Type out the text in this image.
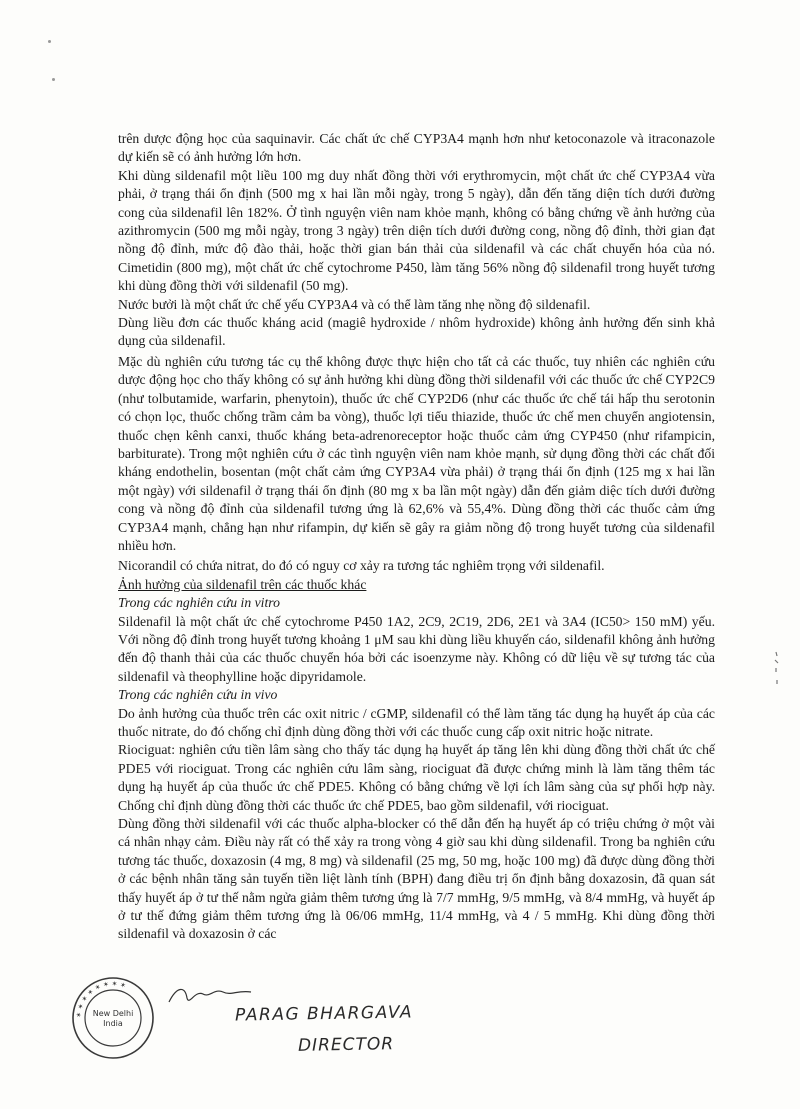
trên dược động học của saquinavir. Các chất ức chế CYP3A4 mạnh hơn như ketoconazole và itraconazole dự kiến sẽ có ảnh hưởng lớn hơn.

Khi dùng sildenafil một liều 100 mg duy nhất đồng thời với erythromycin, một chất ức chế CYP3A4 vừa phải, ở trạng thái ổn định (500 mg x hai lần mỗi ngày, trong 5 ngày), dẫn đến tăng diện tích dưới đường cong của sildenafil lên 182%. Ở tình nguyện viên nam khỏe mạnh, không có bằng chứng về ảnh hưởng của azithromycin (500 mg mỗi ngày, trong 3 ngày) trên diện tích dưới đường cong, nồng độ đỉnh, thời gian đạt nồng độ đỉnh, mức độ đào thải, hoặc thời gian bán thải của sildenafil và các chất chuyển hóa của nó. Cimetidin (800 mg), một chất ức chế cytochrome P450, làm tăng 56% nồng độ sildenafil trong huyết tương khi dùng đồng thời với sildenafil (50 mg).

Nước bưởi là một chất ức chế yếu CYP3A4 và có thể làm tăng nhẹ nồng độ sildenafil.

Dùng liều đơn các thuốc kháng acid (magiê hydroxide / nhôm hydroxide) không ảnh hưởng đến sinh khả dụng của sildenafil.

Mặc dù nghiên cứu tương tác cụ thể không được thực hiện cho tất cả các thuốc, tuy nhiên các nghiên cứu dược động học cho thấy không có sự ảnh hưởng khi dùng đồng thời sildenafil với các thuốc ức chế CYP2C9 (như tolbutamide, warfarin, phenytoin), thuốc ức chế CYP2D6 (như các thuốc ức chế tái hấp thu serotonin có chọn lọc, thuốc chống trầm cảm ba vòng), thuốc lợi tiểu thiazide, thuốc ức chế men chuyển angiotensin, thuốc chẹn kênh canxi, thuốc kháng beta-adrenoreceptor hoặc thuốc cảm ứng CYP450 (như rifampicin, barbiturate). Trong một nghiên cứu ở các tình nguyện viên nam khỏe mạnh, sử dụng đồng thời các chất đối kháng endothelin, bosentan (một chất cảm ứng CYP3A4 vừa phải) ở trạng thái ổn định (125 mg x hai lần một ngày) với sildenafil ở trạng thái ổn định (80 mg x ba lần một ngày) dẫn đến giảm diệc tích dưới đường cong và nồng độ đỉnh của sildenafil tương ứng là 62,6% và 55,4%. Dùng đồng thời các thuốc cảm ứng CYP3A4 mạnh, chẳng hạn như rifampin, dự kiến sẽ gây ra giảm nồng độ trong huyết tương của sildenafil nhiều hơn.

Nicorandil có chứa nitrat, do đó có nguy cơ xảy ra tương tác nghiêm trọng với sildenafil.

Ảnh hưởng của sildenafil trên các thuốc khác

Trong các nghiên cứu in vitro

Sildenafil là một chất ức chế cytochrome P450 1A2, 2C9, 2C19, 2D6, 2E1 và 3A4 (IC50> 150 mM) yếu. Với nồng độ đỉnh trong huyết tương khoảng 1 μM sau khi dùng liều khuyến cáo, sildenafil không ảnh hưởng đến độ thanh thải của các thuốc chuyển hóa bởi các isoenzyme này. Không có dữ liệu về sự tương tác của sildenafil và theophylline hoặc dipyridamole.

Trong các nghiên cứu in vivo

Do ảnh hưởng của thuốc trên các oxit nitric / cGMP, sildenafil có thể làm tăng tác dụng hạ huyết áp của các thuốc nitrate, do đó chống chỉ định dùng đồng thời với các thuốc cung cấp oxit nitric hoặc nitrate.

Riociguat: nghiên cứu tiền lâm sàng cho thấy tác dụng hạ huyết áp tăng lên khi dùng đồng thời chất ức chế PDE5 với riociguat. Trong các nghiên cứu lâm sàng, riociguat đã được chứng minh là làm tăng thêm tác dụng hạ huyết áp của thuốc ức chế PDE5. Không có bằng chứng về lợi ích lâm sàng của sự phối hợp này. Chống chỉ định dùng đồng thời các thuốc ức chế PDE5, bao gồm sildenafil, với riociguat.

Dùng đồng thời sildenafil với các thuốc alpha-blocker có thể dẫn đến hạ huyết áp có triệu chứng ở một vài cá nhân nhạy cảm. Điều này rất có thể xảy ra trong vòng 4 giờ sau khi dùng sildenafil. Trong ba nghiên cứu tương tác thuốc, doxazosin (4 mg, 8 mg) và sildenafil (25 mg, 50 mg, hoặc 100 mg) đã được dùng đồng thời ở các bệnh nhân tăng sản tuyến tiền liệt lành tính (BPH) đang điều trị ổn định bằng doxazosin, đã quan sát thấy huyết áp ở tư thế nằm ngửa giảm thêm tương ứng là 7/7 mmHg, 9/5 mmHg, và 8/4 mmHg, và huyết áp ở tư thế đứng giảm thêm tương ứng là 06/06 mmHg, 11/4 mmHg, và 4 / 5 mmHg. Khi dùng đồng thời sildenafil và doxazosin ở các

✶ ✶ ✶ ✶ ✶ ✶ ✶ ✶
New Delhi
India	PARAG BHARGAVA
DIRECTOR
